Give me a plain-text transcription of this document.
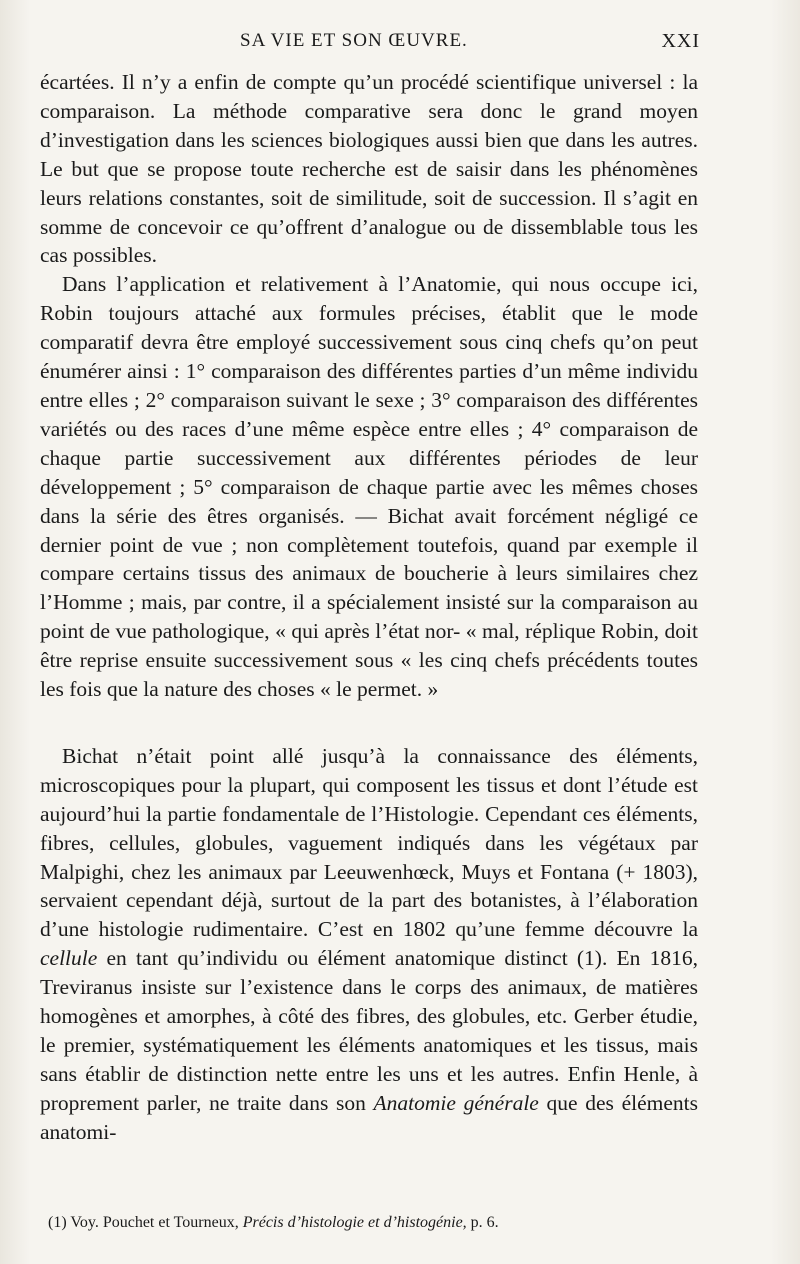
SA VIE ET SON ŒUVRE.	XXI

écartées. Il n’y a enfin de compte qu’un procédé scientifique universel : la comparaison. La méthode comparative sera donc le grand moyen d’investigation dans les sciences biologiques aussi bien que dans les autres. Le but que se propose toute recherche est de saisir dans les phénomènes leurs relations constantes, soit de similitude, soit de succession. Il s’agit en somme de concevoir ce qu’offrent d’analogue ou de dissemblable tous les cas possibles.

Dans l’application et relativement à l’Anatomie, qui nous occupe ici, Robin toujours attaché aux formules précises, établit que le mode comparatif devra être employé successivement sous cinq chefs qu’on peut énumérer ainsi : 1° comparaison des différentes parties d’un même individu entre elles ; 2° comparaison suivant le sexe ; 3° comparaison des différentes variétés ou des races d’une même espèce entre elles ; 4° comparaison de chaque partie successivement aux différentes périodes de leur développement ; 5° comparaison de chaque partie avec les mêmes choses dans la série des êtres organisés. — Bichat avait forcément négligé ce dernier point de vue ; non complètement toutefois, quand par exemple il compare certains tissus des animaux de boucherie à leurs similaires chez l’Homme ; mais, par contre, il a spécialement insisté sur la comparaison au point de vue pathologique, « qui après l’état nor- « mal, réplique Robin, doit être reprise ensuite successivement sous « les cinq chefs précédents toutes les fois que la nature des choses « le permet. »

Bichat n’était point allé jusqu’à la connaissance des éléments, microscopiques pour la plupart, qui composent les tissus et dont l’étude est aujourd’hui la partie fondamentale de l’Histologie. Cependant ces éléments, fibres, cellules, globules, vaguement indiqués dans les végétaux par Malpighi, chez les animaux par Leeuwenhœck, Muys et Fontana (+ 1803), servaient cependant déjà, surtout de la part des botanistes, à l’élaboration d’une histologie rudimentaire. C’est en 1802 qu’une femme découvre la cellule en tant qu’individu ou élément anatomique distinct (1). En 1816, Treviranus insiste sur l’existence dans le corps des animaux, de matières homogènes et amorphes, à côté des fibres, des globules, etc. Gerber étudie, le premier, systématiquement les éléments anatomiques et les tissus, mais sans établir de distinction nette entre les uns et les autres. Enfin Henle, à proprement parler, ne traite dans son Anatomie générale que des éléments anatomi-

(1) Voy. Pouchet et Tourneux, Précis d’histologie et d’histogénie, p. 6.
